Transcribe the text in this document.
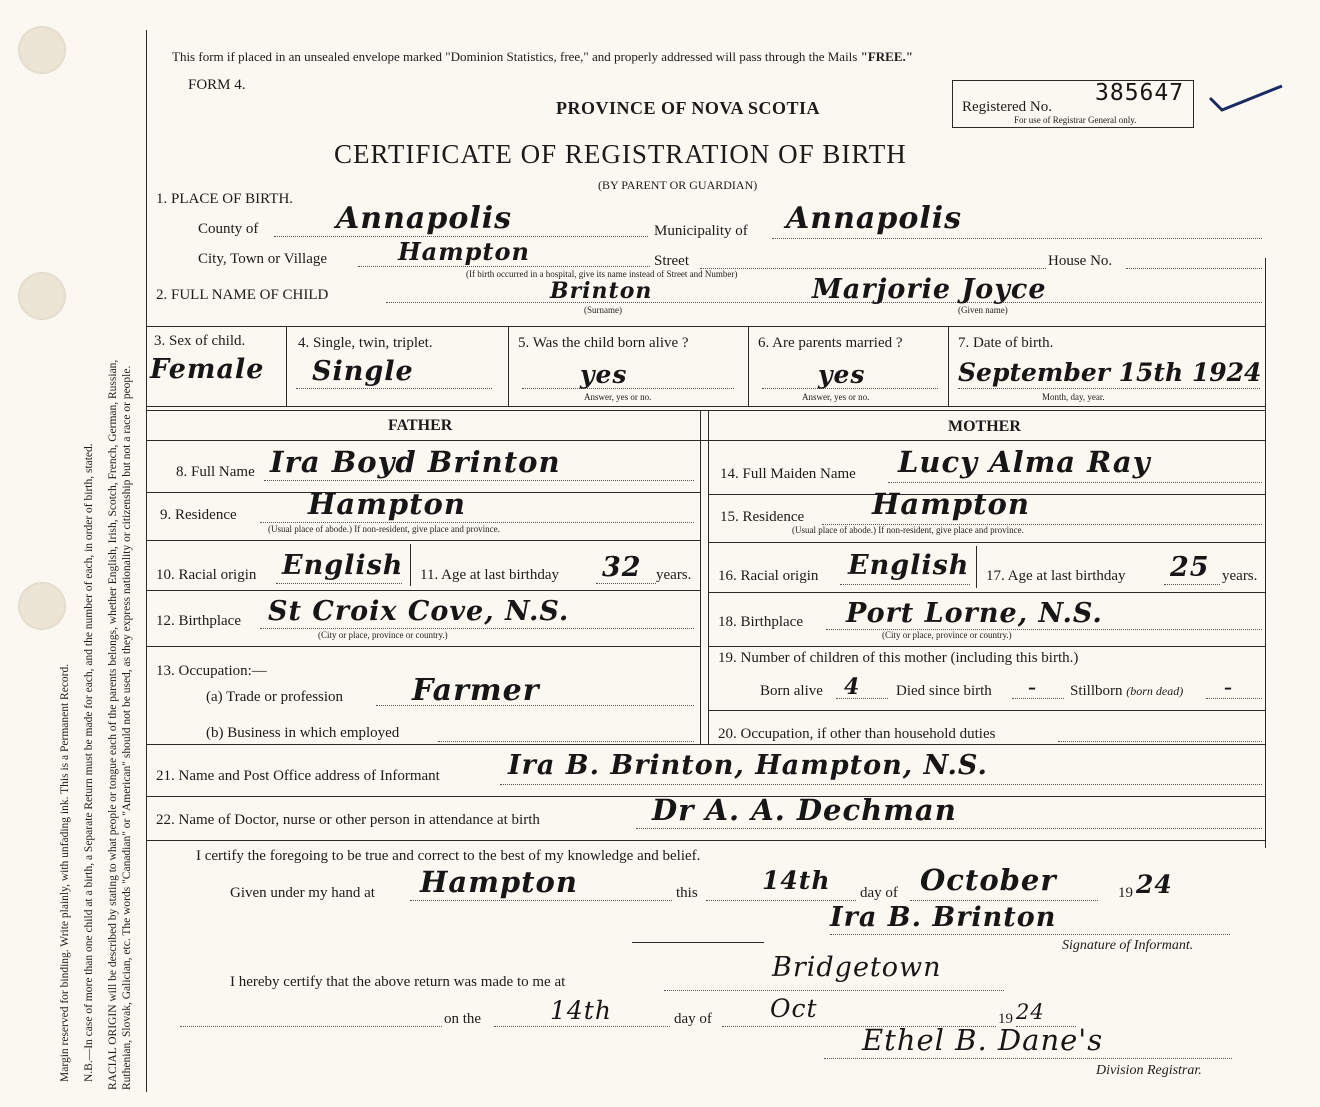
Margin reserved for binding. Write plainly, with unfading ink. This is a Permanent Record. N.B.—In case of more than one child at a birth, a Separate Return must be made for each, and the number of each, in order of birth, stated. RACIAL ORIGIN will be described by stating to what people or tongue each of the parents belongs, whether English, Irish, Scotch, French, German, Russian, Ruthenian, Slovak, Galician, etc. The words "Canadian" or "American" should not be used, as they express nationality or citizenship but not a race or people.
This form if placed in an unsealed envelope marked "Dominion Statistics, free," and properly addressed will pass through the Mails "FREE."
FORM 4.
PROVINCE OF NOVA SCOTIA	Registered No.
385647
For use of Registrar General only.
CERTIFICATE OF REGISTRATION OF BIRTH
(BY PARENT OR GUARDIAN)
1. PLACE OF BIRTH.
County of	Annapolis	Municipality of Annapolis
City, Town or Village	Hampton	Street	House No.
(If birth occurred in a hospital, give its name instead of Street and Number)
2. FULL NAME OF CHILD	Brinton	Marjorie Joyce
(Surname)	(Given name)
3. Sex of child.
Female
4. Single, twin, triplet.
Single
5. Was the child born alive ?
yes
Answer, yes or no.
6. Are parents married ?
yes
Answer, yes or no.
7. Date of birth.
September 15th 1924
Month, day, year.
FATHER	MOTHER
8. Full Name Ira Boyd Brinton
9. Residence Hampton
(Usual place of abode.) If non-resident, give place and province.
10. Racial origin English 11. Age at last birthday 32 years.
12. Birthplace St Croix Cove, N.S.
(City or place, province or country.)
13. Occupation:—
(a) Trade or profession Farmer
(b) Business in which employed
14. Full Maiden Name Lucy Alma Ray
15. Residence Hampton
(Usual place of abode.) If non-resident, give place and province.
16. Racial origin English 17. Age at last birthday 25 years.
18. Birthplace Port Lorne, N.S.
(City or place, province or country.)
19. Number of children of this mother (including this birth.)
Born alive 4 Died since birth – Stillborn (born dead)	–
20. Occupation, if other than household duties
21. Name and Post Office address of Informant	Ira B. Brinton, Hampton, N.S.
22. Name of Doctor, nurse or other person in attendance at birth	Dr A. A. Dechman
I certify the foregoing to be true and correct to the best of my knowledge and belief.
Given under my hand at Hampton	this	14th day of October	19 24
Ira B. Brinton
Signature of Informant.
I hereby certify that the above return was made to me at	Bridgetown
on the	14th	day of Oct	19 24
Ethel B. Dane's
Division Registrar.
